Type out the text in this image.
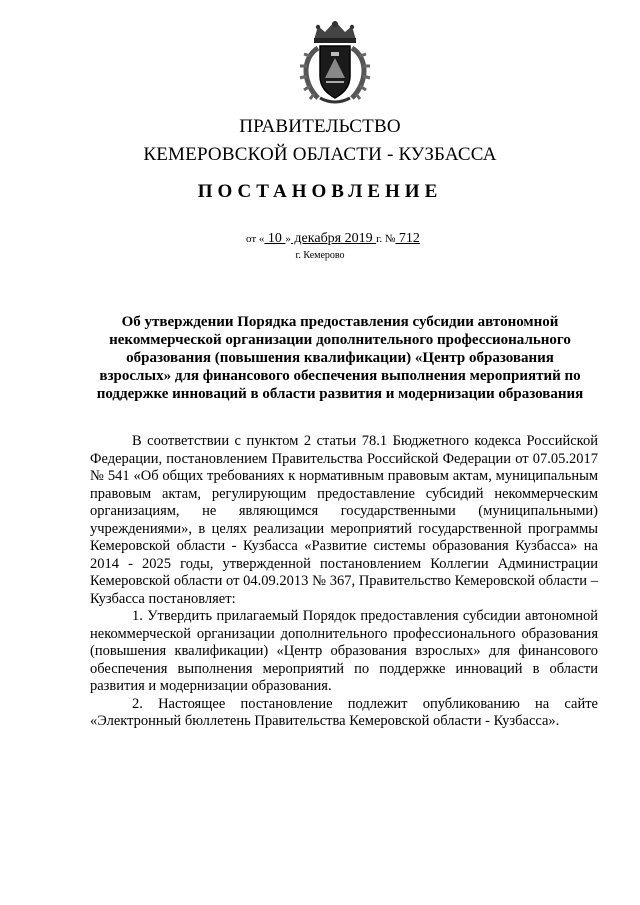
ПРАВИТЕЛЬСТВО
КЕМЕРОВСКОЙ ОБЛАСТИ - КУЗБАССА
ПОСТАНОВЛЕНИЕ
от « 10 » декабря 2019 г. № 712
г. Кемерово
Об утверждении Порядка предоставления субсидии автономной
некоммерческой организации дополнительного профессионального
образования (повышения квалификации) «Центр образования
взрослых» для финансового обеспечения выполнения мероприятий по
поддержке инноваций в области развития и модернизации образования

В соответствии с пунктом 2 статьи 78.1 Бюджетного кодекса Российской Федерации, постановлением Правительства Российской Федерации от 07.05.2017 № 541 «Об общих требованиях к нормативным правовым актам, муниципальным правовым актам, регулирующим предоставление субсидий некоммерческим организациям, не являющимся государственными (муниципальными) учреждениями», в целях реализации мероприятий государственной программы Кемеровской области - Кузбасса «Развитие системы образования Кузбасса» на 2014 - 2025 годы, утвержденной постановлением Коллегии Администрации Кемеровской области от 04.09.2013 № 367, Правительство Кемеровской области – Кузбасса постановляет:

1. Утвердить прилагаемый Порядок предоставления субсидии автономной некоммерческой организации дополнительного профессионального образования (повышения квалификации) «Центр образования взрослых» для финансового обеспечения выполнения мероприятий по поддержке инноваций в области развития и модернизации образования.

2. Настоящее постановление подлежит опубликованию на сайте «Электронный бюллетень Правительства Кемеровской области - Кузбасса».
